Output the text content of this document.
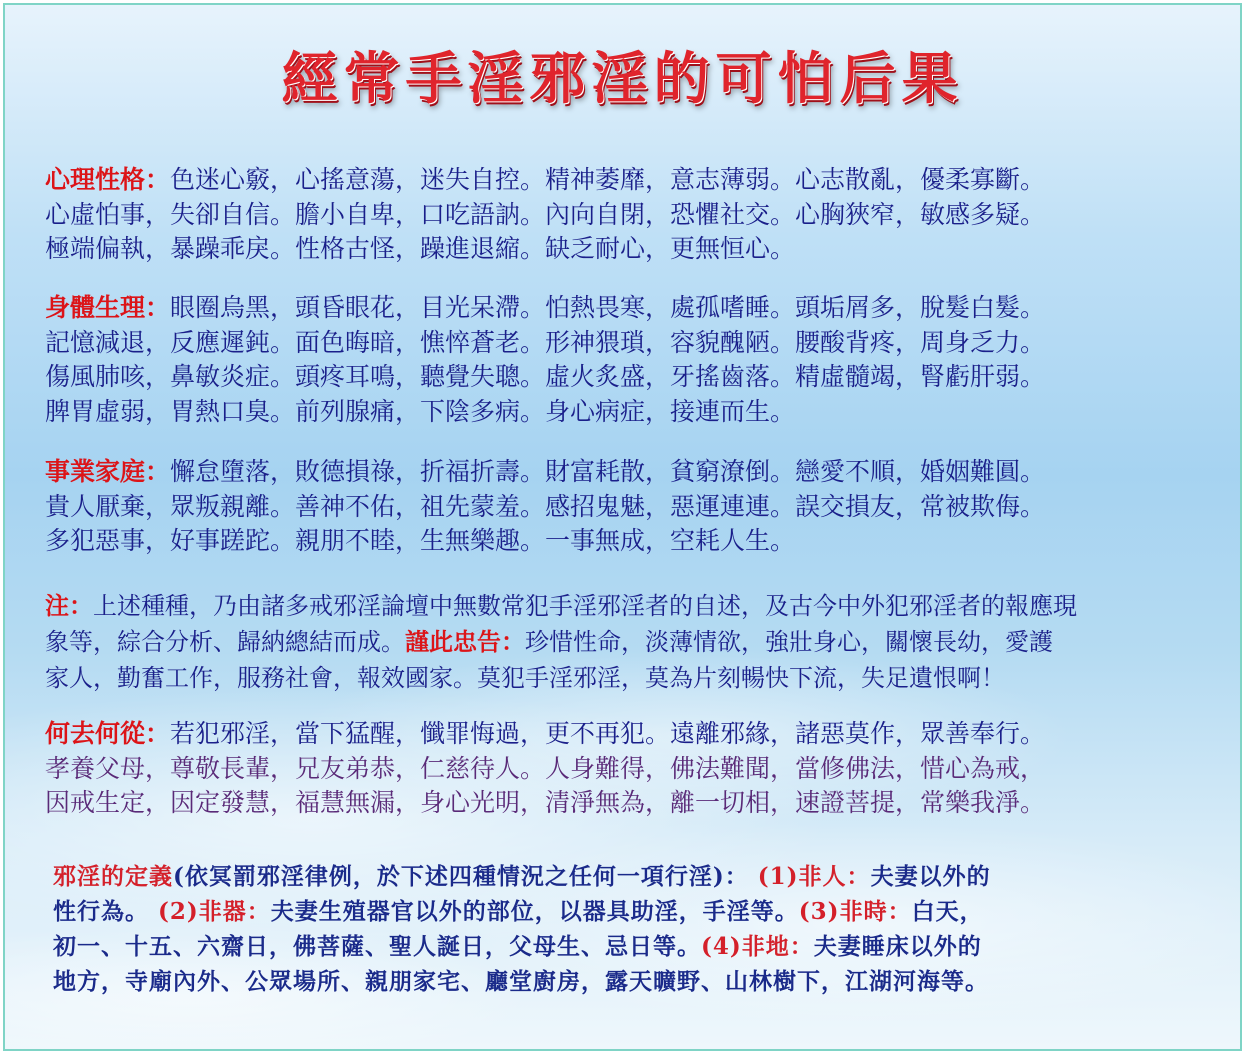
經常手淫邪淫的可怕后果
心理性格：色迷心竅，心搖意蕩，迷失自控。精神萎靡，意志薄弱。心志散亂，優柔寡斷。
心虛怕事，失卻自信。膽小自卑，口吃語訥。內向自閉，恐懼社交。心胸狹窄，敏感多疑。
極端偏執，暴躁乖戾。性格古怪，躁進退縮。缺乏耐心，更無恒心。
身體生理：眼圈烏黑，頭昏眼花，目光呆滯。怕熱畏寒，處孤嗜睡。頭垢屑多，脫髮白髮。
記憶減退，反應遲鈍。面色晦暗，憔悴蒼老。形神猥瑣，容貌醜陋。腰酸背疼，周身乏力。
傷風肺咳，鼻敏炎症。頭疼耳鳴，聽覺失聰。虛火炙盛，牙搖齒落。精虛髓竭，腎虧肝弱。
脾胃虛弱，胃熱口臭。前列腺痛，下陰多病。身心病症，接連而生。
事業家庭：懈怠墮落，敗德損祿，折福折壽。財富耗散，貧窮潦倒。戀愛不順，婚姻難圓。
貴人厭棄，眾叛親離。善神不佑，祖先蒙羞。感招鬼魅，惡運連連。誤交損友，常被欺侮。
多犯惡事，好事蹉跎。親朋不睦，生無樂趣。一事無成，空耗人生。
注：上述種種，乃由諸多戒邪淫論壇中無數常犯手淫邪淫者的自述，及古今中外犯邪淫者的報應現
象等，綜合分析、歸納總結而成。謹此忠告：珍惜性命，淡薄情欲，強壯身心，關懷長幼，愛護
家人，勤奮工作，服務社會，報效國家。莫犯手淫邪淫，莫為片刻暢快下流，失足遺恨啊！
何去何從：若犯邪淫，當下猛醒，懺罪悔過，更不再犯。遠離邪緣，諸惡莫作，眾善奉行。
孝養父母，尊敬長輩，兄友弟恭，仁慈待人。人身難得，佛法難聞，當修佛法，惜心為戒，
因戒生定，因定發慧，福慧無漏，身心光明，清淨無為，離一切相，速證菩提，常樂我淨。
邪淫的定義(依冥罰邪淫律例，於下述四種情況之任何一項行淫)： (1)非人：夫妻以外的
性行為。 (2)非器：夫妻生殖器官以外的部位，以器具助淫，手淫等。(3)非時：白天，
初一、十五、六齋日，佛菩薩、聖人誕日，父母生、忌日等。(4)非地：夫妻睡床以外的
地方，寺廟內外、公眾場所、親朋家宅、廳堂廚房，露天曠野、山林樹下，江湖河海等。
